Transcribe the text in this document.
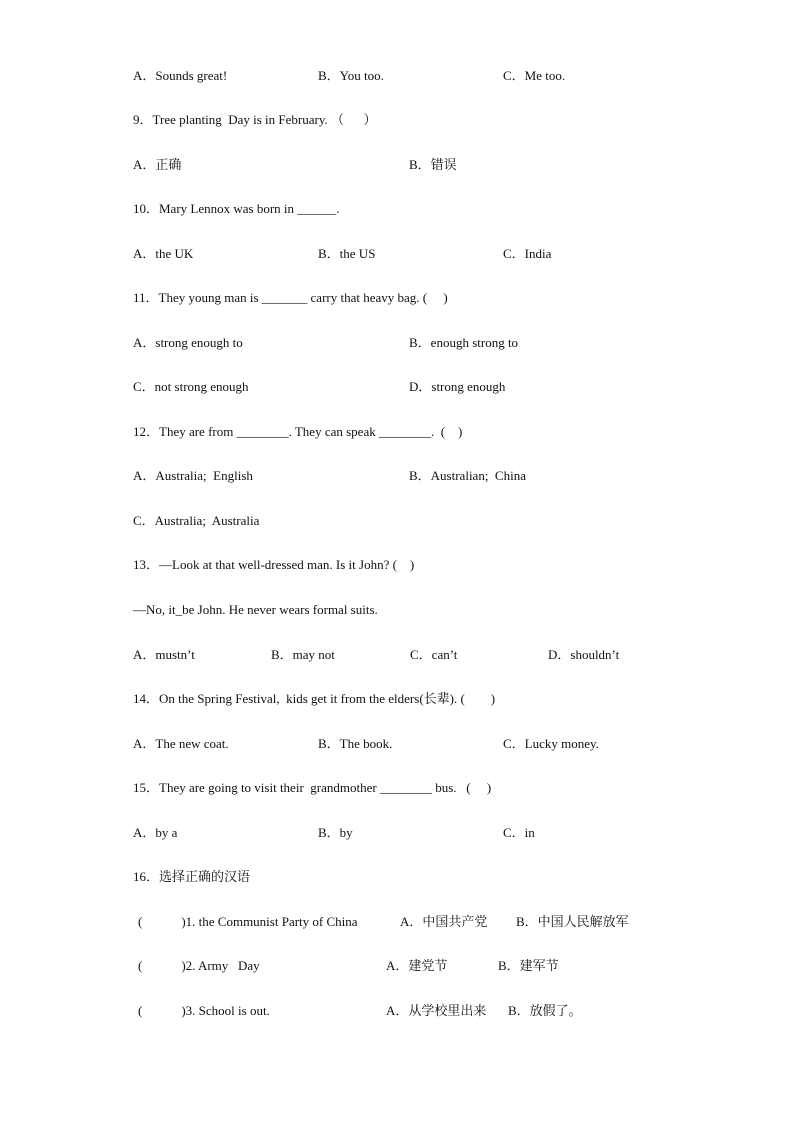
A．Sounds great!	B．You too.	C．Me too.
9．Tree planting  Day is in February. （      ）
A．正确	B．错误
10．Mary Lennox was born in ______.
A．the UK	B．the US	C．India
11．They young man is _______ carry that heavy bag. (     )
A．strong enough to	B．enough strong to
C．not strong enough	D．strong enough
12．They are from ________. They can speak ________.  (    )
A．Australia;  English	B．Australian;  China
C．Australia;  Australia
13．—Look at that well-dressed man. Is it John? (    )
—No, it_be John. He never wears formal suits.
A．mustn’t	B．may not	C．can’t	D．shouldn’t
14．On the Spring Festival,  kids get it from the elders(长辈). (        )
A．The new coat.	B．The book.	C．Lucky money.
15．They are going to visit their  grandmother ________ bus.   (     )
A．by a	B．by	C．in
16．选择正确的汉语
(            )1. the Communist Party of China	A．中国共产党 B．中国人民解放军
(            )2. Army   Day	A．建党节	B．建军节
(            )3. School is out.	A．从学校里出来 B．放假了。
